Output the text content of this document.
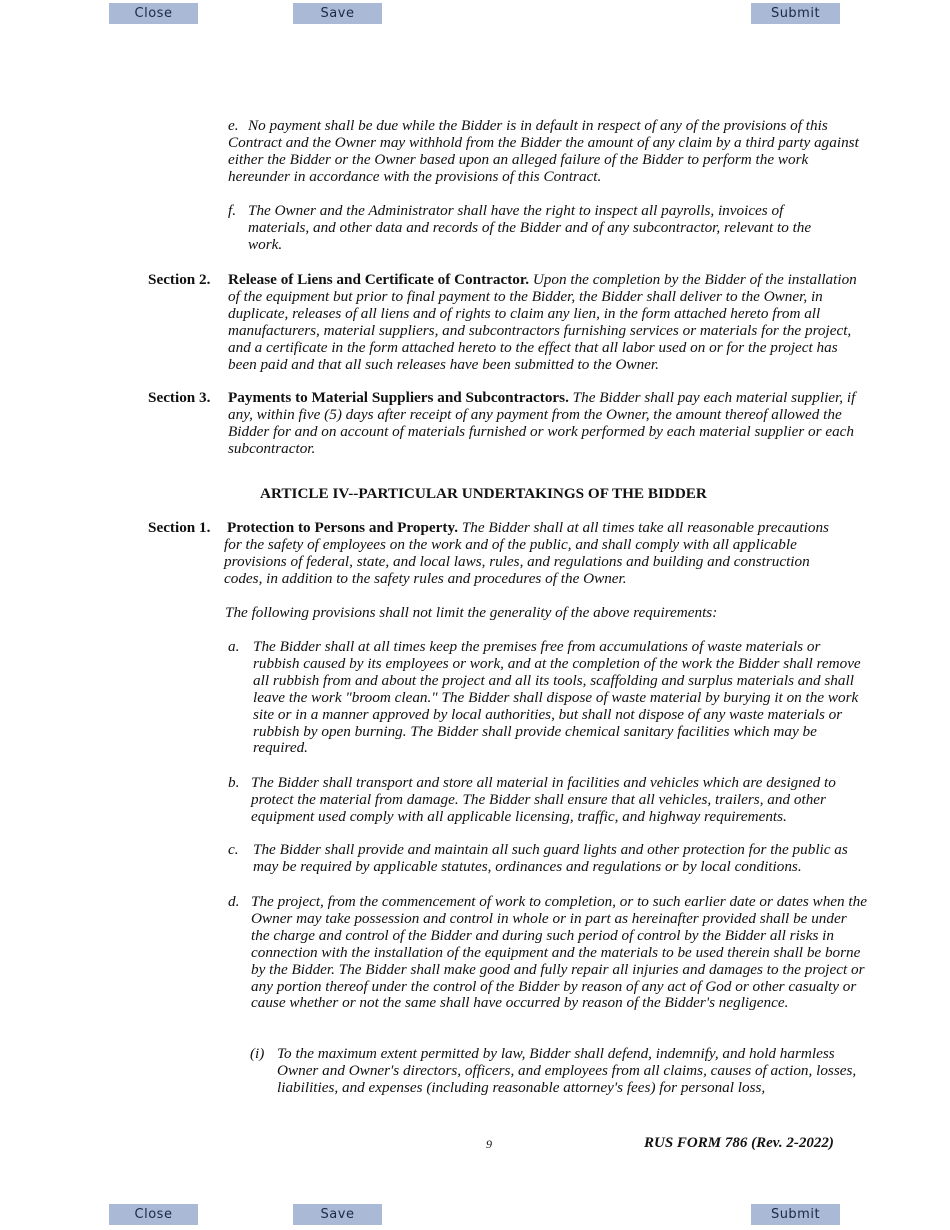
Close	Save	Submit
e. No payment shall be due while the Bidder is in default in respect of any of the provisions of this Contract and the Owner may withhold from the Bidder the amount of any claim by a third party against either the Bidder or the Owner based upon an alleged failure of the Bidder to perform the work hereunder in accordance with the provisions of this Contract.

f. The Owner and the Administrator shall have the right to inspect all payrolls, invoices of materials, and other data and records of the Bidder and of any subcontractor, relevant to the work.

Section 2. Release of Liens and Certificate of Contractor. Upon the completion by the Bidder of the installation of the equipment but prior to final payment to the Bidder, the Bidder shall deliver to the Owner, in duplicate, releases of all liens and of rights to claim any lien, in the form attached hereto from all manufacturers, material suppliers, and subcontractors furnishing services or materials for the project, and a certificate in the form attached hereto to the effect that all labor used on or for the project has been paid and that all such releases have been submitted to the Owner.

Section 3. Payments to Material Suppliers and Subcontractors. The Bidder shall pay each material supplier, if any, within five (5) days after receipt of any payment from the Owner, the amount thereof allowed the Bidder for and on account of materials furnished or work performed by each material supplier or each subcontractor.

ARTICLE IV--PARTICULAR UNDERTAKINGS OF THE BIDDER
Section 1. Protection to Persons and Property. The Bidder shall at all times take all reasonable precautions for the safety of employees on the work and of the public, and shall comply with all applicable provisions of federal, state, and local laws, rules, and regulations and building and construction codes, in addition to the safety rules and procedures of the Owner.

The following provisions shall not limit the generality of the above requirements:

a. The Bidder shall at all times keep the premises free from accumulations of waste materials or rubbish caused by its employees or work, and at the completion of the work the Bidder shall remove all rubbish from and about the project and all its tools, scaffolding and surplus materials and shall leave the work "broom clean." The Bidder shall dispose of waste material by burying it on the work site or in a manner approved by local authorities, but shall not dispose of any waste materials or rubbish by open burning. The Bidder shall provide chemical sanitary facilities which may be required.

b. The Bidder shall transport and store all material in facilities and vehicles which are designed to protect the material from damage. The Bidder shall ensure that all vehicles, trailers, and other equipment used comply with all applicable licensing, traffic, and highway requirements.

c. The Bidder shall provide and maintain all such guard lights and other protection for the public as may be required by applicable statutes, ordinances and regulations or by local conditions.

d. The project, from the commencement of work to completion, or to such earlier date or dates when the Owner may take possession and control in whole or in part as hereinafter provided shall be under the charge and control of the Bidder and during such period of control by the Bidder all risks in connection with the installation of the equipment and the materials to be used therein shall be borne by the Bidder. The Bidder shall make good and fully repair all injuries and damages to the project or any portion thereof under the control of the Bidder by reason of any act of God or other casualty or cause whether or not the same shall have occurred by reason of the Bidder's negligence.

(i) To the maximum extent permitted by law, Bidder shall defend, indemnify, and hold harmless Owner and Owner's directors, officers, and employees from all claims, causes of action, losses, liabilities, and expenses (including reasonable attorney's fees) for personal loss,

9	RUS FORM 786 (Rev. 2-2022)
Close	Save	Submit
